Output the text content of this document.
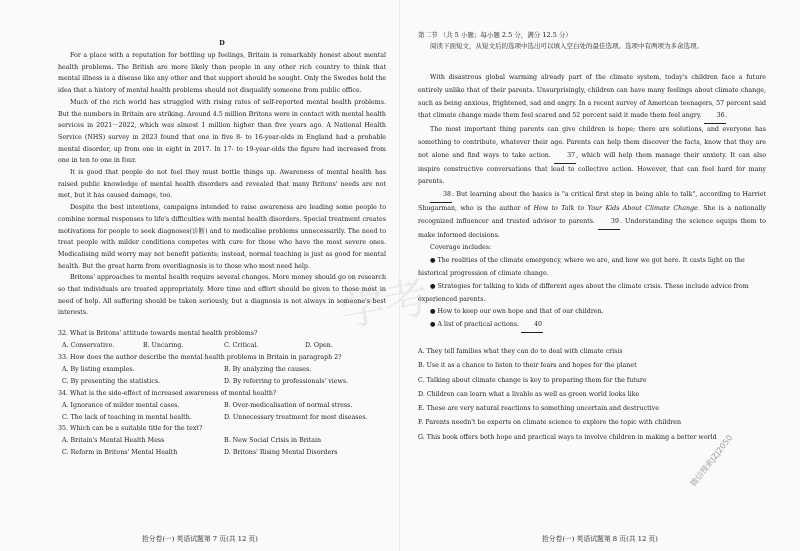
学考
D

For a place with a reputation for bottling up feelings, Britain is remarkably honest about mental health problems. The British are more likely than people in any other rich country to think that mental illness is a disease like any other and that support should be sought. Only the Swedes hold the idea that a history of mental health problems should not disqualify someone from public office.

Much of the rich world has struggled with rising rates of self-reported mental health problems. But the numbers in Britain are striking. Around 4.5 million Britons were in contact with mental health services in 2021－2022, which was almost 1 million higher than five years ago. A National Health Service (NHS) survey in 2023 found that one in five 8- to 16-year-olds in England had a probable mental disorder, up from one in eight in 2017. In 17- to 19-year-olds the figure had increased from one in ten to one in four.

It is good that people do not feel they must bottle things up. Awareness of mental health has raised public knowledge of mental health disorders and revealed that many Britons' needs are not met, but it has caused damage, too.

Despite the best intentions, campaigns intended to raise awareness are leading some people to combine normal responses to life's difficulties with mental health disorders. Special treatment creates motivations for people to seek diagnoses(诊断) and to medicalise problems unnecessarily. The need to treat people with milder conditions competes with cure for those who have the most severe ones. Medicalising mild worry may not benefit patients; instead, normal teaching is just as good for mental health. But the great harm from overdiagnosis is to those who most need help.

Britons' approaches to mental health require several changes. More money should go on research so that individuals are treated appropriately. More time and effort should be given to those most in need of help. All suffering should be taken seriously, but a diagnosis is not always in someone's best interests.

32. What is Britons' attitude towards mental health problems?
A. Conservative.	B. Uncaring.	C. Critical.	D. Open.
33. How does the author describe the mental health problems in Britain in paragraph 2?
A. By listing examples.	B. By analyzing the causes.
C. By presenting the statistics.	D. By referring to professionals' views.
34. What is the side-effect of increased awareness of mental health?
A. Ignorance of milder mental cases.	B. Over-medicalisation of normal stress.
C. The lack of teaching in mental health.	D. Unnecessary treatment for most diseases.
35. Which can be a suitable title for the text?
A. Britain's Mental Health Mess	B. New Social Crisis in Britain
C. Reform in Britons' Mental Health	D. Britons' Rising Mental Disorders
抢分卷(一) 英语试题第 7 页(共 12 页)
第二节 （共 5 小题；每小题 2.5 分，满分 12.5 分）
阅读下面短文，从短文后的选项中选出可以填入空白处的最佳选项。选项中有两项为多余选项。

With disastrous global warming already part of the climate system, today's children face a future entirely unlike that of their parents. Unsurprisingly, children can have many feelings about climate change, such as being anxious, frightened, sad and angry. In a recent survey of American teenagers, 57 percent said that climate change made them feel scared and 52 percent said it made them feel angry. 36.

The most important thing parents can give children is hope; there are solutions, and everyone has something to contribute, whatever their age. Parents can help them discover the facts, know that they are not alone and find ways to take action.	37, which will help them manage their anxiety. It can also inspire constructive conversations that lead to collective action. However, that can feel hard for many parents.

38. But learning about the basics is "a critical first step in being able to talk", according to Harriet Shugarman, who is the author of How to Talk to Your Kids About Climate Change. She is a nationally recognized influencer and trusted advisor to parents.	39. Understanding the science equips them to make informed decisions.

Coverage includes:

● The realities of the climate emergency, where we are, and how we got here. It casts light on the historical progression of climate change.

● Strategies for talking to kids of different ages about the climate crisis. These include advice from experienced parents.

● How to keep our own hope and that of our children.

● A list of practical actions. 40

A. They tell families what they can do to deal with climate crisis

B. Use it as a chance to listen to their fears and hopes for the planet

C. Talking about climate change is key to preparing them for the future

D. Children can learn what a livable as well as green world looks like

E. These are very natural reactions to something uncertain and destructive

F. Parents needn't be experts on climate science to explore the topic with children

G. This book offers both hope and practical ways to involve children in making a better world

抢分卷(一) 英语试题第 8 页(共 12 页)
微信搜索JZJ2050
